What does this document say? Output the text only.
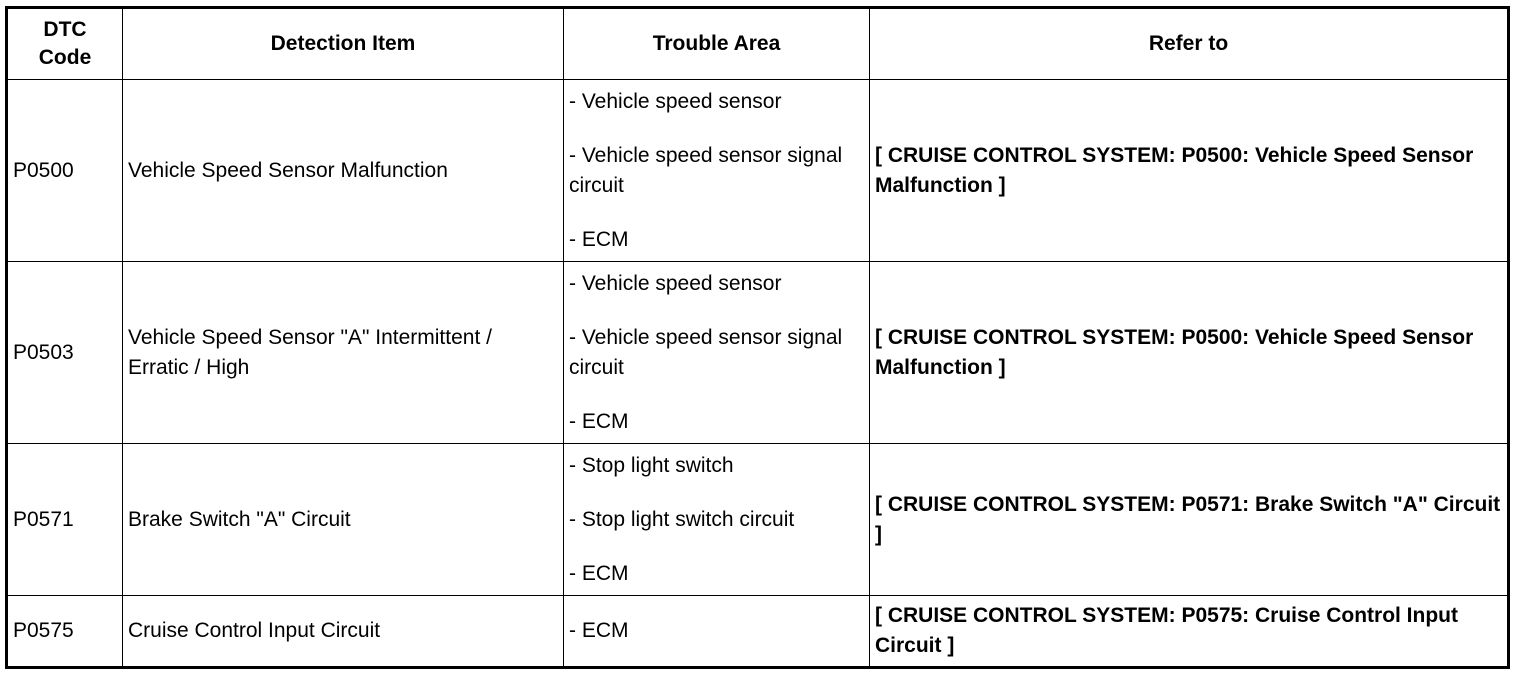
DTC
Code	Detection Item	Trouble Area	Refer to
P0500	Vehicle Speed Sensor Malfunction	- Vehicle speed sensor
- Vehicle speed sensor signal circuit
- ECM	[ CRUISE CONTROL SYSTEM: P0500: Vehicle Speed Sensor Malfunction ]
P0503	Vehicle Speed Sensor "A" Intermittent / Erratic / High	- Vehicle speed sensor
- Vehicle speed sensor signal circuit
- ECM	[ CRUISE CONTROL SYSTEM: P0500: Vehicle Speed Sensor Malfunction ]
P0571	Brake Switch "A" Circuit	- Stop light switch
- Stop light switch circuit
- ECM	[ CRUISE CONTROL SYSTEM: P0571: Brake Switch "A" Circuit ]
P0575	Cruise Control Input Circuit	- ECM	[ CRUISE CONTROL SYSTEM: P0575: Cruise Control Input Circuit ]
